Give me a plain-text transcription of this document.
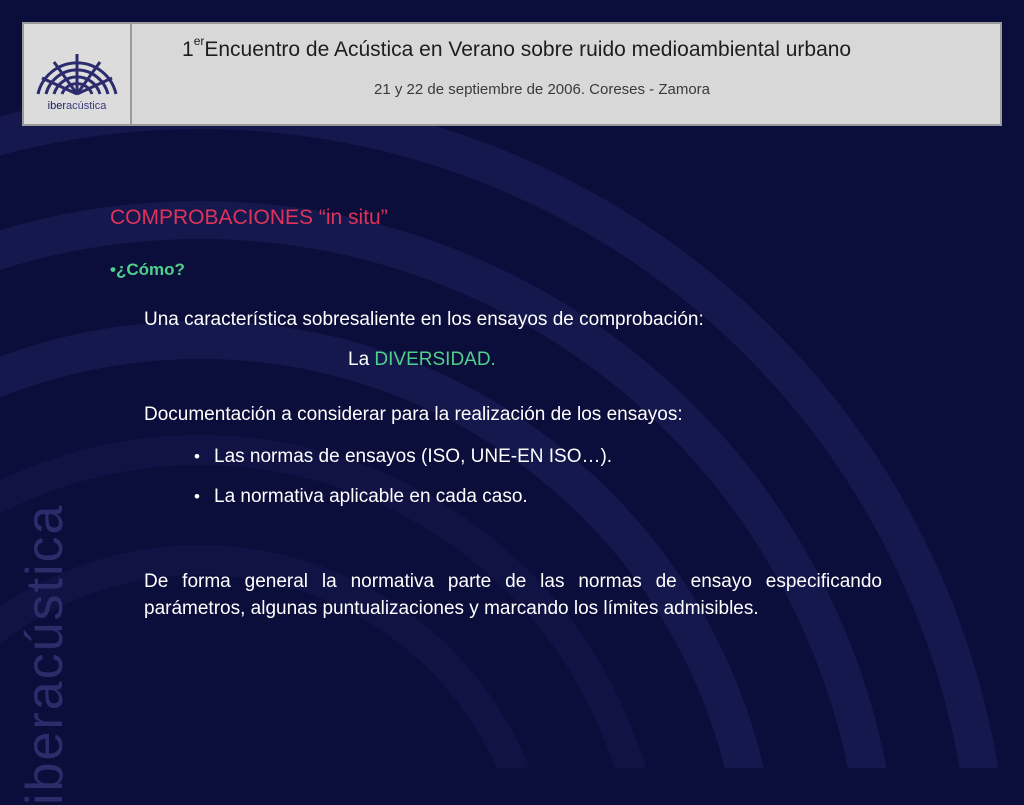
iberacústica
iberacústica
1erEncuentro de Acústica en Verano sobre ruido medioambiental urbano
21 y 22 de septiembre de 2006. Coreses - Zamora
COMPROBACIONES “in situ”
•¿Cómo?
Una característica sobresaliente en los ensayos de comprobación:
La DIVERSIDAD.
Documentación a considerar para la realización de los ensayos:
• Las normas de ensayos (ISO, UNE-EN ISO…).
• La normativa aplicable en cada caso.
De forma general la normativa parte de las normas de ensayo especificando parámetros, algunas puntualizaciones y marcando los límites admisibles.
